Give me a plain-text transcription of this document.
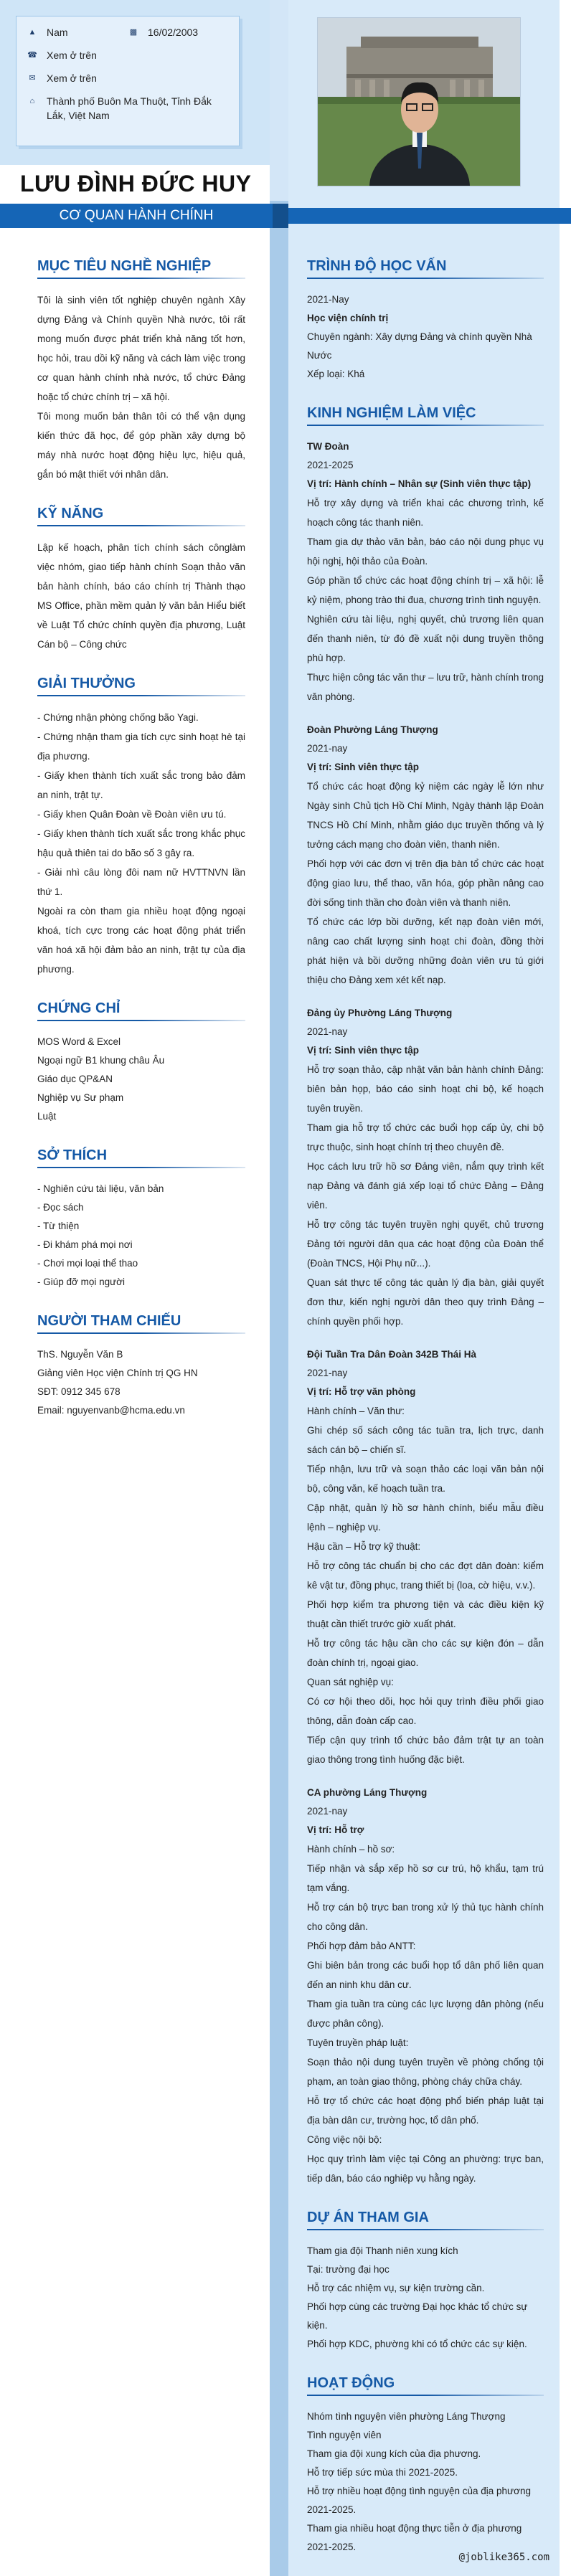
▲ Nam	▩ 16/02/2003
☎ Xem ở trên
✉ Xem ở trên
⌂	Thành phố Buôn Ma Thuột, Tỉnh Đắk Lắk, Việt Nam
LƯU ĐÌNH ĐỨC HUY
CƠ QUAN HÀNH CHÍNH
MỤC TIÊU NGHỀ NGHIỆP

Tôi là sinh viên tốt nghiệp chuyên ngành Xây dựng Đảng và Chính quyền Nhà nước, tôi rất mong muốn được phát triển khả năng tốt hơn, học hỏi, trau dồi kỹ năng và cách làm việc trong cơ quan hành chính nhà nước, tổ chức Đảng hoặc tổ chức chính trị – xã hội.

Tôi mong muốn bản thân tôi có thể vận dụng kiến thức đã học, để góp phần xây dựng bộ máy nhà nước hoạt động hiệu lực, hiệu quả, gắn bó mật thiết với nhân dân.

KỸ NĂNG

Lập kế hoạch, phân tích chính sách cônglàm việc nhóm, giao tiếp hành chính Soạn thảo văn bản hành chính, báo cáo chính trị Thành thạo MS Office, phần mềm quản lý văn bản Hiểu biết về Luật Tổ chức chính quyền địa phương, Luật Cán bộ – Công chức

GIẢI THƯỞNG

- Chứng nhận phòng chống bão Yagi.

- Chứng nhận tham gia tích cực sinh hoạt hè tại địa phương.

- Giấy khen thành tích xuất sắc trong bảo đảm an ninh, trật tự.

- Giấy khen Quân Đoàn về Đoàn viên ưu tú.

- Giấy khen thành tích xuất sắc trong khắc phục hậu quả thiên tai do bão số 3 gây ra.

- Giải nhì câu lòng đôi nam nữ HVTTNVN lần thứ 1.

Ngoài ra còn tham gia nhiều hoạt động ngoại khoá, tích cực trong các hoạt động phát triển văn hoá xã hội đảm bảo an ninh, trật tự của địa phương.

CHỨNG CHỈ
MOS Word & Excel
Ngoại ngữ B1 khung châu Âu
Giáo dục QP&AN
Nghiệp vụ Sư phạm
Luật
SỞ THÍCH
- Nghiên cứu tài liệu, văn bản
- Đọc sách
- Từ thiện
- Đi khám phá mọi nơi
- Chơi mọi loại thể thao
- Giúp đỡ mọi người
NGƯỜI THAM CHIẾU
ThS. Nguyễn Văn B
Giảng viên Học viện Chính trị QG HN
SĐT: 0912 345 678
Email: nguyenvanb@hcma.edu.vn
TRÌNH ĐỘ HỌC VẤN
2021-Nay
Học viện chính trị
Chuyên ngành: Xây dựng Đảng và chính quyền Nhà Nước
Xếp loại: Khá
KINH NGHIỆM LÀM VIỆC
TW Đoàn
2021-2025
Vị trí: Hành chính – Nhân sự (Sinh viên thực tập)
Hỗ trợ xây dựng và triển khai các chương trình, kế hoạch công tác thanh niên.
Tham gia dự thảo văn bản, báo cáo nội dung phục vụ hội nghị, hội thảo của Đoàn.
Góp phần tổ chức các hoạt động chính trị – xã hội: lễ kỷ niệm, phong trào thi đua, chương trình tình nguyện.
Nghiên cứu tài liệu, nghị quyết, chủ trương liên quan đến thanh niên, từ đó đề xuất nội dung truyền thông phù hợp.
Thực hiện công tác văn thư – lưu trữ, hành chính trong văn phòng.
Đoàn Phường Láng Thượng
2021-nay
Vị trí: Sinh viên thực tập
Tổ chức các hoạt động kỷ niệm các ngày lễ lớn như Ngày sinh Chủ tịch Hồ Chí Minh, Ngày thành lập Đoàn TNCS Hồ Chí Minh, nhằm giáo dục truyền thống và lý tưởng cách mạng cho đoàn viên, thanh niên.
Phối hợp với các đơn vị trên địa bàn tổ chức các hoạt động giao lưu, thể thao, văn hóa, góp phần nâng cao đời sống tinh thần cho đoàn viên và thanh niên.
Tổ chức các lớp bồi dưỡng, kết nạp đoàn viên mới, nâng cao chất lượng sinh hoạt chi đoàn, đồng thời phát hiện và bồi dưỡng những đoàn viên ưu tú giới thiệu cho Đảng xem xét kết nạp.
Đảng ủy Phường Láng Thượng
2021-nay
Vị trí: Sinh viên thực tập
Hỗ trợ soạn thảo, cập nhật văn bản hành chính Đảng: biên bản họp, báo cáo sinh hoạt chi bộ, kế hoạch tuyên truyền.
Tham gia hỗ trợ tổ chức các buổi họp cấp ủy, chi bộ trực thuộc, sinh hoạt chính trị theo chuyên đề.
Học cách lưu trữ hồ sơ Đảng viên, nắm quy trình kết nạp Đảng và đánh giá xếp loại tổ chức Đảng – Đảng viên.
Hỗ trợ công tác tuyên truyền nghị quyết, chủ trương Đảng tới người dân qua các hoạt động của Đoàn thể (Đoàn TNCS, Hội Phụ nữ...).
Quan sát thực tế công tác quản lý địa bàn, giải quyết đơn thư, kiến nghị người dân theo quy trình Đảng – chính quyền phối hợp.
Đội Tuần Tra Dân Đoàn 342B Thái Hà
2021-nay
Vị trí: Hỗ trợ văn phòng
Hành chính – Văn thư:
Ghi chép số sách công tác tuần tra, lịch trực, danh sách cán bộ – chiến sĩ.
Tiếp nhận, lưu trữ và soạn thảo các loại văn bản nội bộ, công văn, kế hoạch tuần tra.
Cập nhật, quản lý hồ sơ hành chính, biểu mẫu điều lệnh – nghiệp vụ.
Hậu cần – Hỗ trợ kỹ thuật:
Hỗ trợ công tác chuẩn bị cho các đợt dân đoàn: kiểm kê vật tư, đồng phục, trang thiết bị (loa, cờ hiệu, v.v.).
Phối hợp kiểm tra phương tiện và các điều kiện kỹ thuật cần thiết trước giờ xuất phát.
Hỗ trợ công tác hậu cần cho các sự kiện đón – dẫn đoàn chính trị, ngoại giao.
Quan sát nghiệp vụ:
Có cơ hội theo dõi, học hỏi quy trình điều phối giao thông, dẫn đoàn cấp cao.
Tiếp cận quy trình tổ chức bảo đảm trật tự an toàn giao thông trong tình huống đặc biệt.
CA phường Láng Thượng
2021-nay
Vị trí: Hỗ trợ
Hành chính – hồ sơ:
Tiếp nhận và sắp xếp hồ sơ cư trú, hộ khẩu, tạm trú tạm vắng.
Hỗ trợ cán bộ trực ban trong xử lý thủ tục hành chính cho công dân.
Phối hợp đảm bảo ANTT:
Ghi biên bản trong các buổi họp tổ dân phố liên quan đến an ninh khu dân cư.
Tham gia tuần tra cùng các lực lượng dân phòng (nếu được phân công).
Tuyên truyền pháp luật:
Soạn thảo nội dung tuyên truyền về phòng chống tội phạm, an toàn giao thông, phòng cháy chữa cháy.
Hỗ trợ tổ chức các hoạt động phổ biến pháp luật tại địa bàn dân cư, trường học, tổ dân phố.
Công việc nội bộ:
Học quy trình làm việc tại Công an phường: trực ban, tiếp dân, báo cáo nghiệp vụ hằng ngày.
DỰ ÁN THAM GIA
Tham gia đội Thanh niên xung kích
Tại: trường đại học
Hỗ trợ các nhiệm vụ, sự kiện trường cần.
Phối hợp cùng các trường Đại học khác tổ chức sự kiện.
Phối hợp KDC, phường khi có tổ chức các sự kiện.
HOẠT ĐỘNG
Nhóm tình nguyện viên phường Láng Thượng
Tình nguyện viên
Tham gia đội xung kích của địa phương.
Hỗ trợ tiếp sức mùa thi 2021-2025.
Hỗ trợ nhiều hoạt động tình nguyện của địa phương 2021-2025.
Tham gia nhiều hoạt động thực tiễn ở địa phương 2021-2025.
@joblike365.com
